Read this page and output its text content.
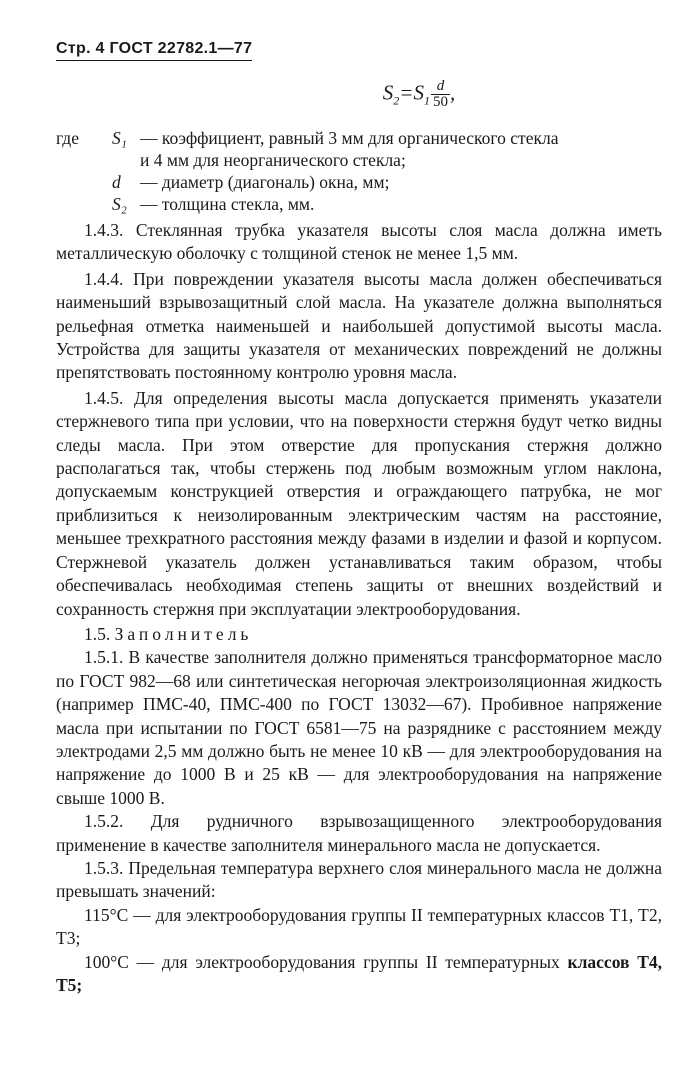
Стр. 4 ГОСТ 22782.1—77
$S_2=S_1 \frac{d}{50}$ ,
где	S₁ — коэффициент, равный 3 мм для органического стекла
и 4 мм для неорганического стекла;
d	— диаметр (диагональ) окна, мм;
S₂ — толщина стекла, мм.

1.4.3. Стеклянная трубка указателя высоты слоя масла должна иметь металлическую оболочку с толщиной стенок не менее 1,5 мм.

1.4.4. При повреждении указателя высоты масла должен обеспечиваться наименьший взрывозащитный слой масла. На указателе должна выполняться рельефная отметка наименьшей и наибольшей допустимой высоты масла. Устройства для защиты указателя от механических повреждений не должны препятствовать постоянному контролю уровня масла.

1.4.5. Для определения высоты масла допускается применять указатели стержневого типа при условии, что на поверхности стержня будут четко видны следы масла. При этом отверстие для пропускания стержня должно располагаться так, чтобы стержень под любым возможным углом наклона, допускаемым конструкцией отверстия и ограждающего патрубка, не мог приблизиться к неизолированным электрическим частям на расстояние, меньшее трехкратного расстояния между фазами в изделии и фазой и корпусом. Стержневой указатель должен устанавливаться таким образом, чтобы обеспечивалась необходимая степень защиты от внешних воздействий и сохранность стержня при эксплуатации электрооборудования.

1.5. Заполнитель

1.5.1. В качестве заполнителя должно применяться трансформаторное масло по ГОСТ 982—68 или синтетическая негорючая электроизоляционная жидкость (например ПМС-40, ПМС-400 по ГОСТ 13032—67). Пробивное напряжение масла при испытании по ГОСТ 6581—75 на разряднике с расстоянием между электродами 2,5 мм должно быть не менее 10 кВ — для электрооборудования на напряжение до 1000 В и 25 кВ — для электрооборудования на напряжение свыше 1000 В.

1.5.2. Для рудничного взрывозащищенного электрооборудования применение в качестве заполнителя минерального масла не допускается.

1.5.3. Предельная температура верхнего слоя минерального масла не должна превышать значений:

115°С — для электрооборудования группы II температурных классов Т1, Т2, Т3;

100°С — для электрооборудования группы II температурных классов Т4, Т5;
